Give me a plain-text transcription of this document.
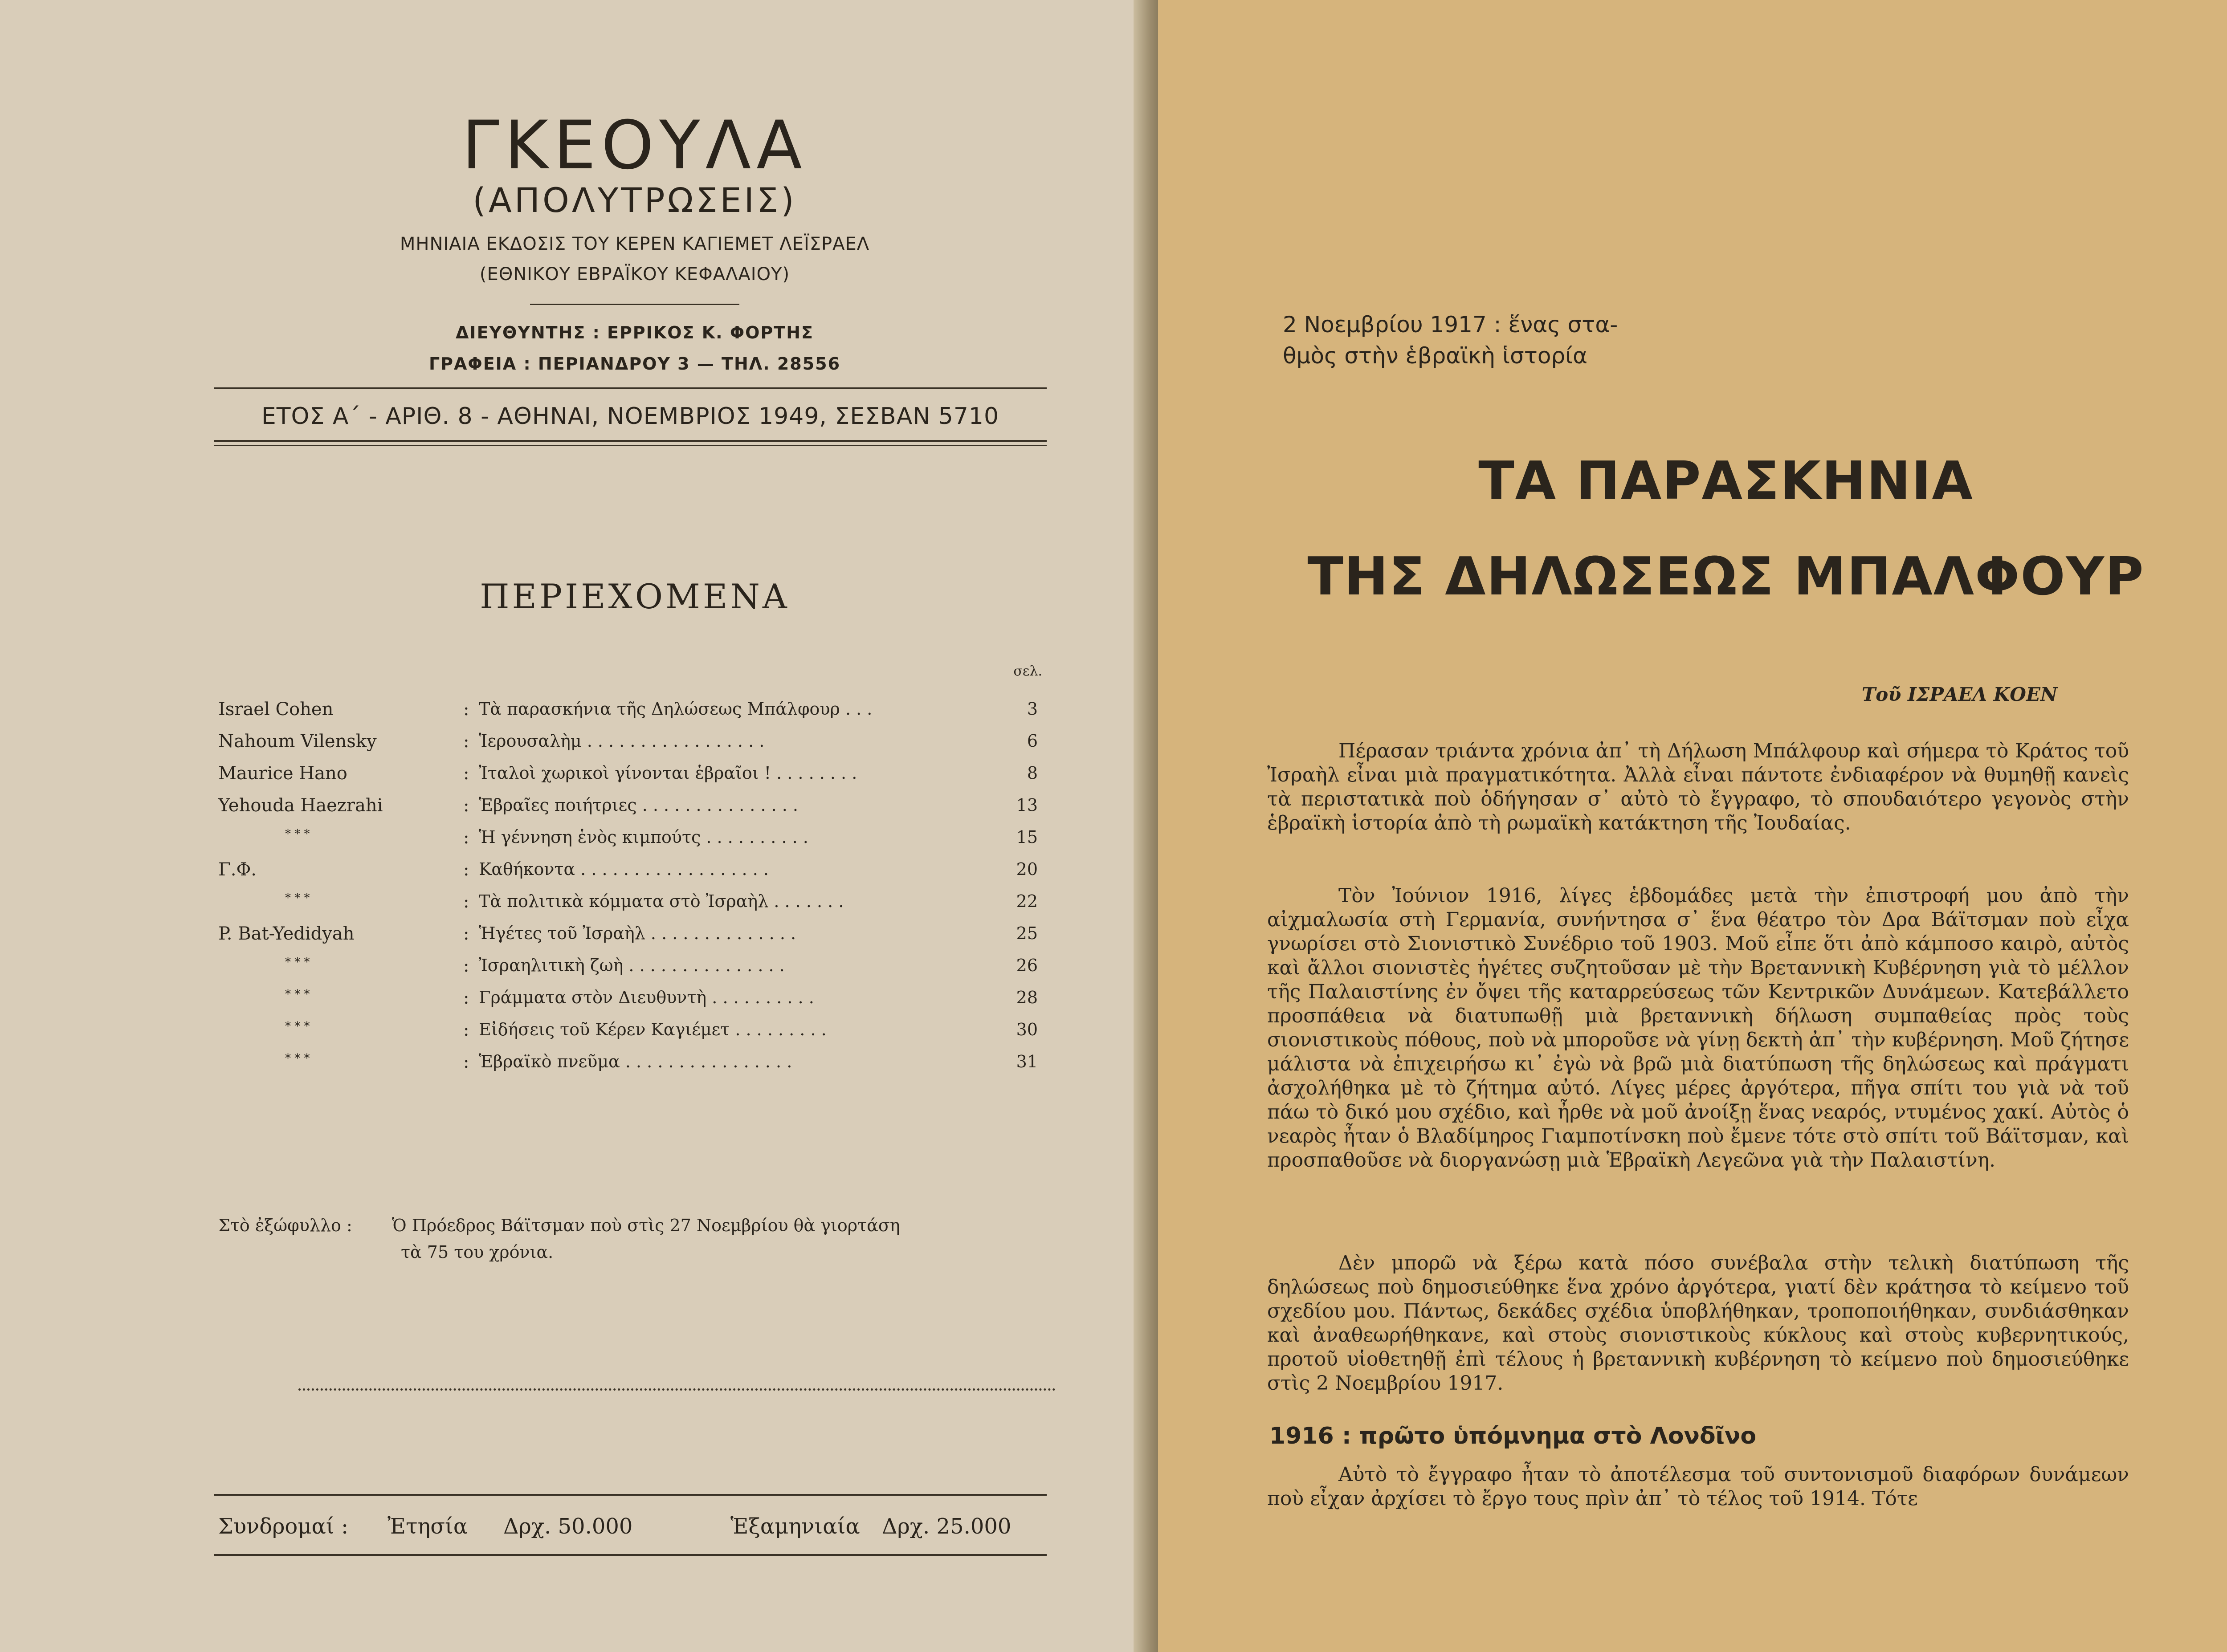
ΓΚΕΟΥΛΑ
(ΑΠΟΛΥΤΡΩΣΕΙΣ)
ΜΗΝΙΑΙΑ ΕΚΔΟΣΙΣ ΤΟΥ ΚΕΡΕΝ ΚΑΓΙΕΜΕΤ ΛΕΪΣΡΑΕΛ
(ΕΘΝΙΚΟΥ ΕΒΡΑΪΚΟΥ ΚΕΦΑΛΑΙΟΥ)
ΔΙΕΥΘΥΝΤΗΣ : ΕΡΡΙΚΟΣ Κ. ΦΟΡΤΗΣ
ΓΡΑΦΕΙΑ : ΠΕΡΙΑΝΔΡΟΥ 3 — ΤΗΛ. 28556
ΕΤΟΣ Α΄ - ΑΡΙΘ. 8 - ΑΘΗΝΑΙ, ΝΟΕΜΒΡΙΟΣ 1949, ΣΕΣΒΑΝ 5710
ΠΕΡΙΕΧΟΜΕΝΑ
σελ.
Israel Cohen	: Τὰ παρασκήνια τῆς Δηλώσεως Μπάλφουρ . . .	3
Nahoum Vilensky	: Ἱερουσαλὴμ . . . . . . . . . . . . . . . . .	6
Maurice Hano	: Ἰταλοὶ χωρικοὶ γίνονται ἑβραῖοι ! . . . . . . . .	8
Yehouda Haezrahi	: Ἑβραῖες ποιήτριες . . . . . . . . . . . . . . .	13
* * *	: Ἡ γέννηση ἑνὸς κιμπούτς . . . . . . . . . .	15
Γ.Φ.	: Καθήκοντα . . . . . . . . . . . . . . . . . .	20
* * *	: Τὰ πολιτικὰ κόμματα στὸ Ἰσραὴλ . . . . . . .	22
P. Bat-Yedidyah	: Ἡγέτες τοῦ Ἰσραὴλ . . . . . . . . . . . . . .	25
* * *	: Ἰσραηλιτικὴ ζωὴ . . . . . . . . . . . . . . .	26
* * *	: Γράμματα στὸν Διευθυντὴ . . . . . . . . . .	28
* * *	: Εἰδήσεις τοῦ Κέρεν Καγιέμετ . . . . . . . . .	30
* * *	: Ἑβραϊκὸ πνεῦμα . . . . . . . . . . . . . . . .	31
Στὸ ἐξώφυλλο : Ὁ Πρόεδρος Βάϊτσμαν ποὺ στὶς 27 Νοεμβρίου θὰ γιορτάση
τὰ 75 του χρόνια.
Συνδρομαί : Ἐτησία Δρχ. 50.000	Ἑξαμηνιαία Δρχ. 25.000
2 Νοεμβρίου 1917 : ἕνας στα-
θμὸς στὴν ἑβραϊκὴ ἱστορία
ΤΑ ΠΑΡΑΣΚΗΝΙΑ
ΤΗΣ ΔΗΛΩΣΕΩΣ ΜΠΑΛΦΟΥΡ
Τοῦ ΙΣΡΑΕΛ ΚΟΕΝ
Πέρασαν τριάντα χρόνια ἀπ᾽ τὴ Δήλωση Μπάλφουρ καὶ σήμερα τὸ Κράτος τοῦ Ἰσραὴλ εἶναι μιὰ πραγματικότητα. Ἀλλὰ εἶναι πάντοτε ἐνδιαφέρον νὰ θυμηθῇ κανεὶς τὰ περιστατικὰ ποὺ ὁδήγησαν σ᾽ αὐτὸ τὸ ἔγγραφο, τὸ σπουδαιότερο γεγονὸς στὴν ἑβραϊκὴ ἱστορία ἀπὸ τὴ ρωμαϊκὴ κατάκτηση τῆς Ἰουδαίας.
Τὸν Ἰούνιον 1916, λίγες ἑβδομάδες μετὰ τὴν ἐπιστροφή μου ἀπὸ τὴν αἰχμαλωσία στὴ Γερμανία, συνήντησα σ᾽ ἕνα θέατρο τὸν Δρα Βάϊτσμαν ποὺ εἶχα γνωρίσει στὸ Σιονιστικὸ Συνέδριο τοῦ 1903. Μοῦ εἶπε ὅτι ἀπὸ κάμποσο καιρὸ, αὐτὸς καὶ ἄλλοι σιονιστὲς ἡγέτες συζητοῦσαν μὲ τὴν Βρεταννικὴ Κυβέρνηση γιὰ τὸ μέλλον τῆς Παλαιστίνης ἐν ὄψει τῆς καταρρεύσεως τῶν Κεντρικῶν Δυνάμεων. Κατεβάλλετο προσπάθεια νὰ διατυπωθῇ μιὰ βρεταννικὴ δήλωση συμπαθείας πρὸς τοὺς σιονιστικοὺς πόθους, ποὺ νὰ μποροῦσε νὰ γίνῃ δεκτὴ ἀπ᾽ τὴν κυβέρνηση. Μοῦ ζήτησε μάλιστα νὰ ἐπιχειρήσω κι᾽ ἐγὼ νὰ βρῶ μιὰ διατύπωση τῆς δηλώσεως καὶ πράγματι ἀσχολήθηκα μὲ τὸ ζήτημα αὐτό. Λίγες μέρες ἀργότερα, πῆγα σπίτι του γιὰ νὰ τοῦ πάω τὸ δικό μου σχέδιο, καὶ ἦρθε νὰ μοῦ ἀνοίξῃ ἕνας νεαρός, ντυμένος χακί. Αὐτὸς ὁ νεαρὸς ἦταν ὁ Βλαδίμηρος Γιαμποτίνσκη ποὺ ἔμενε τότε στὸ σπίτι τοῦ Βάϊτσμαν, καὶ προσπαθοῦσε νὰ διοργανώσῃ μιὰ Ἑβραϊκὴ Λεγεῶνα γιὰ τὴν Παλαιστίνη.
Δὲν μπορῶ νὰ ξέρω κατὰ πόσο συνέβαλα στὴν τελικὴ διατύπωση τῆς δηλώσεως ποὺ δημοσιεύθηκε ἕνα χρόνο ἀργότερα, γιατί δὲν κράτησα τὸ κείμενο τοῦ σχεδίου μου. Πάντως, δεκάδες σχέδια ὑποβλήθηκαν, τροποποιήθηκαν, συνδιάσθηκαν καὶ ἀναθεωρήθηκανε, καὶ στοὺς σιονιστικοὺς κύκλους καὶ στοὺς κυβερνητικούς, προτοῦ υἱοθετηθῇ ἐπὶ τέλους ἡ βρεταννικὴ κυβέρνηση τὸ κείμενο ποὺ δημοσιεύθηκε στὶς 2 Νοεμβρίου 1917.
1916 : πρῶτο ὑπόμνημα στὸ Λονδῖνο
Αὐτὸ τὸ ἔγγραφο ἦταν τὸ ἀποτέλεσμα τοῦ συντονισμοῦ διαφόρων δυνάμεων ποὺ εἶχαν ἀρχίσει τὸ ἔργο τους πρὶν ἀπ᾽ τὸ τέλος τοῦ 1914. Τότε
